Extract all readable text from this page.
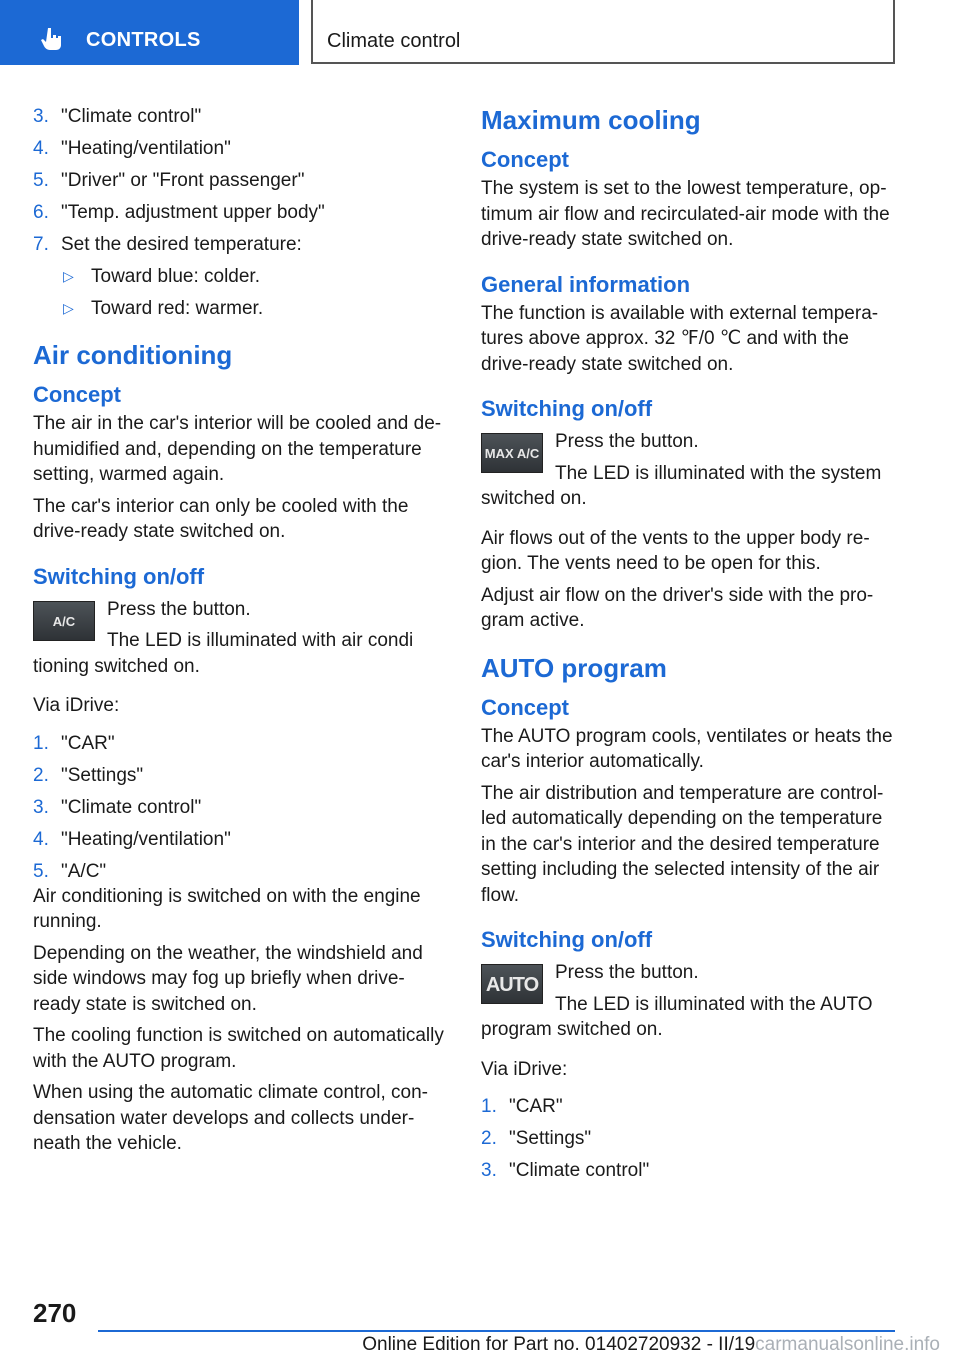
CONTROLS	Climate control
3. "Climate control"
4. "Heating/ventilation"
5. "Driver" or "Front passenger"
6. "Temp. adjustment upper body"
7. Set the desired temperature:
▷ Toward blue: colder.
▷ Toward red: warmer.
Air conditioning
Concept

The air in the car's interior will be cooled and dehumidified and, depending on the temperature setting, warmed again.

The car's interior can only be cooled with the drive-ready state switched on.

Switching on/off
A/C

Press the button.

The LED is illuminated with air condi

tioning switched on.

Via iDrive:

1. "CAR"
2. "Settings"
3. "Climate control"
4. "Heating/ventilation"
5. "A/C"

Air conditioning is switched on with the engine running.

Depending on the weather, the windshield and side windows may fog up briefly when drive-ready state is switched on.

The cooling function is switched on automatically with the AUTO program.

When using the automatic climate control, condensation water develops and collects underneath the vehicle.

Maximum cooling
Concept

The system is set to the lowest temperature, optimum air flow and recirculated-air mode with the drive-ready state switched on.

General information

The function is available with external temperatures above approx. 32 ℉/0 ℃ and with the drive-ready state switched on.

Switching on/off
MAX A/C

Press the button.

The LED is illuminated with the system

switched on.

Air flows out of the vents to the upper body region. The vents need to be open for this.

Adjust air flow on the driver's side with the program active.

AUTO program
Concept

The AUTO program cools, ventilates or heats the car's interior automatically.

The air distribution and temperature are controlled automatically depending on the temperature in the car's interior and the desired temperature setting including the selected intensity of the air flow.

Switching on/off
AUTO

Press the button.

The LED is illuminated with the AUTO

program switched on.

Via iDrive:

1. "CAR"
2. "Settings"
3. "Climate control"
270
Online Edition for Part no. 01402720932 - II/19carmanualsonline.info
